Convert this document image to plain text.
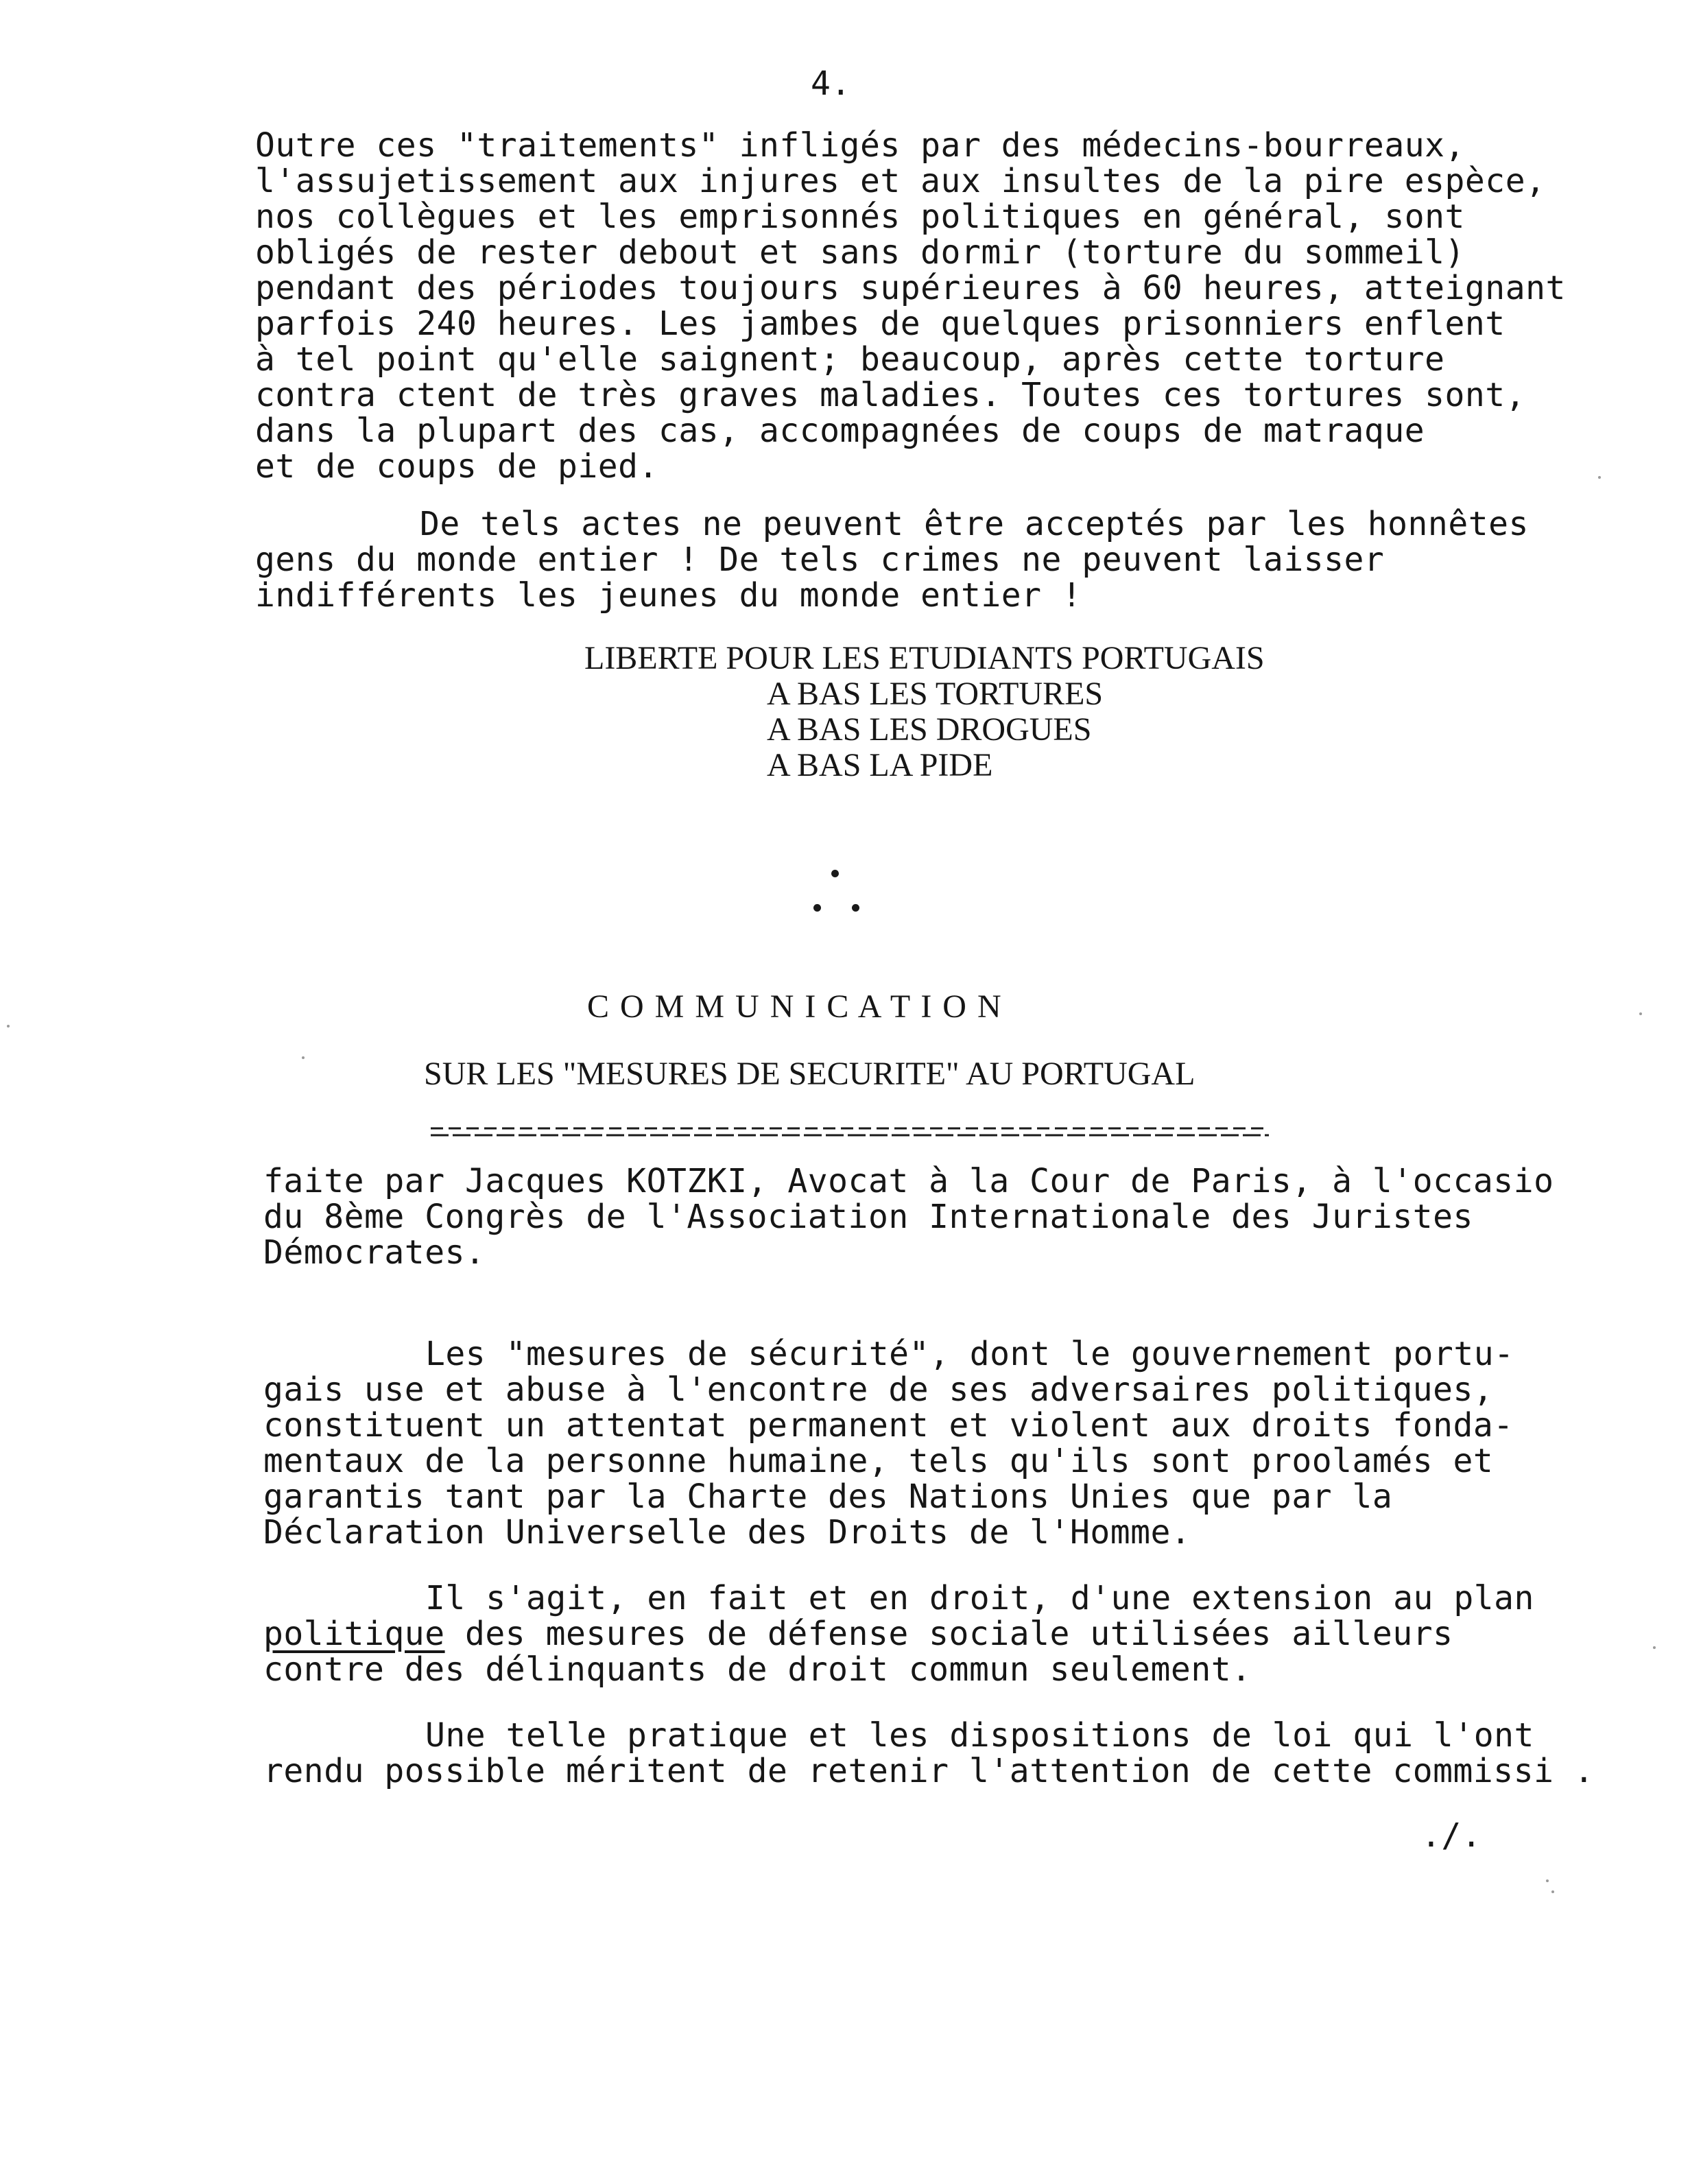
4.
Outre ces "traitements" infligés par des médecins-bourreaux,
l'assujetissement aux injures et aux insultes de la pire espèce,
nos collègues et les emprisonnés politiques en général, sont
obligés de rester debout et sans dormir (torture du sommeil)
pendant des périodes toujours supérieures à 60 heures, atteignant
parfois 240 heures. Les jambes de quelques prisonniers enflent
à tel point qu'elle saignent; beaucoup, après cette torture
contra ctent de très graves maladies. Toutes ces tortures sont,
dans la plupart des cas, accompagnées de coups de matraque
et de coups de pied.
De tels actes ne peuvent être acceptés par les honnêtes
gens du monde entier ! De tels crimes ne peuvent laisser
indifférents les jeunes du monde entier !
LIBERTE POUR LES ETUDIANTS PORTUGAIS
A BAS LES TORTURES
A BAS LES DROGUES
A BAS LA PIDE
C O M M U N I C A T I O N
SUR LES "MESURES DE SECURITE" AU PORTUGAL
faite par Jacques KOTZKI, Avocat à la Cour de Paris, à l'occasio
du 8ème Congrès de l'Association Internationale des Juristes
Démocrates.
Les "mesures de sécurité", dont le gouvernement portu-
gais use et abuse à l'encontre de ses adversaires politiques,
constituent un attentat permanent et violent aux droits fonda-
mentaux de la personne humaine, tels qu'ils sont proolamés et
garantis tant par la Charte des Nations Unies que par la
Déclaration Universelle des Droits de l'Homme.
Il s'agit, en fait et en droit, d'une extension au plan
politique des mesures de défense sociale utilisées ailleurs
contre des délinquants de droit commun seulement.
Une telle pratique et les dispositions de loi qui l'ont
rendu possible méritent de retenir l'attention de cette commissi .
./.
